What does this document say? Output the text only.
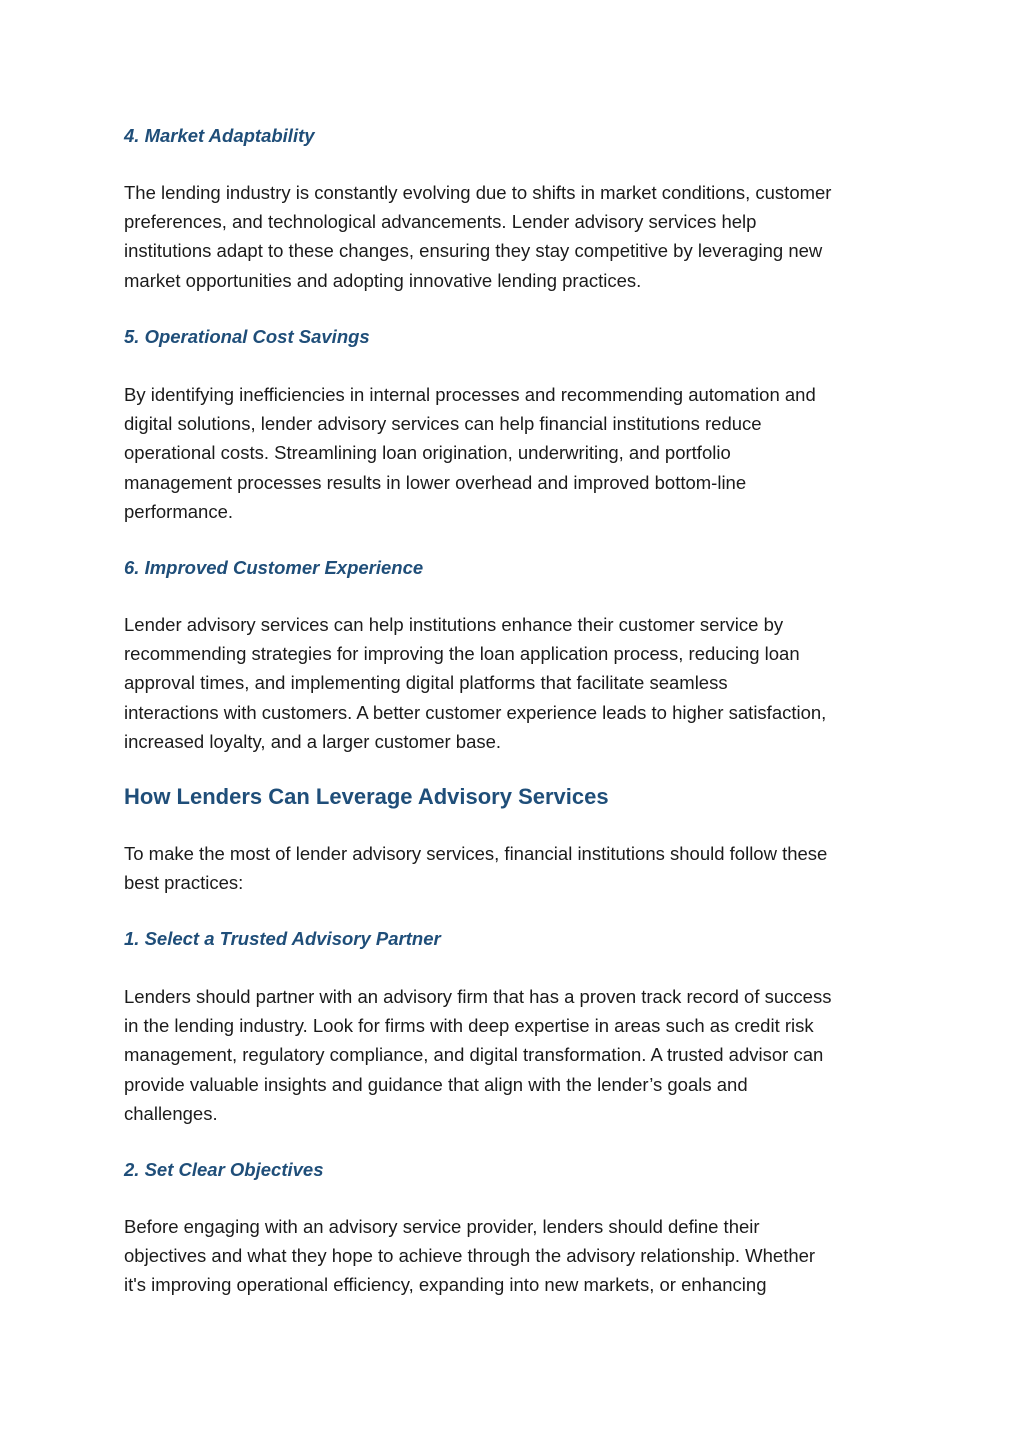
4. Market Adaptability

The lending industry is constantly evolving due to shifts in market conditions, customer
preferences, and technological advancements. Lender advisory services help
institutions adapt to these changes, ensuring they stay competitive by leveraging new
market opportunities and adopting innovative lending practices.

5. Operational Cost Savings

By identifying inefficiencies in internal processes and recommending automation and
digital solutions, lender advisory services can help financial institutions reduce
operational costs. Streamlining loan origination, underwriting, and portfolio
management processes results in lower overhead and improved bottom-line
performance.

6. Improved Customer Experience

Lender advisory services can help institutions enhance their customer service by
recommending strategies for improving the loan application process, reducing loan
approval times, and implementing digital platforms that facilitate seamless
interactions with customers. A better customer experience leads to higher satisfaction,
increased loyalty, and a larger customer base.

How Lenders Can Leverage Advisory Services

To make the most of lender advisory services, financial institutions should follow these
best practices:

1. Select a Trusted Advisory Partner

Lenders should partner with an advisory firm that has a proven track record of success
in the lending industry. Look for firms with deep expertise in areas such as credit risk
management, regulatory compliance, and digital transformation. A trusted advisor can
provide valuable insights and guidance that align with the lender’s goals and
challenges.

2. Set Clear Objectives

Before engaging with an advisory service provider, lenders should define their
objectives and what they hope to achieve through the advisory relationship. Whether
it's improving operational efficiency, expanding into new markets, or enhancing
